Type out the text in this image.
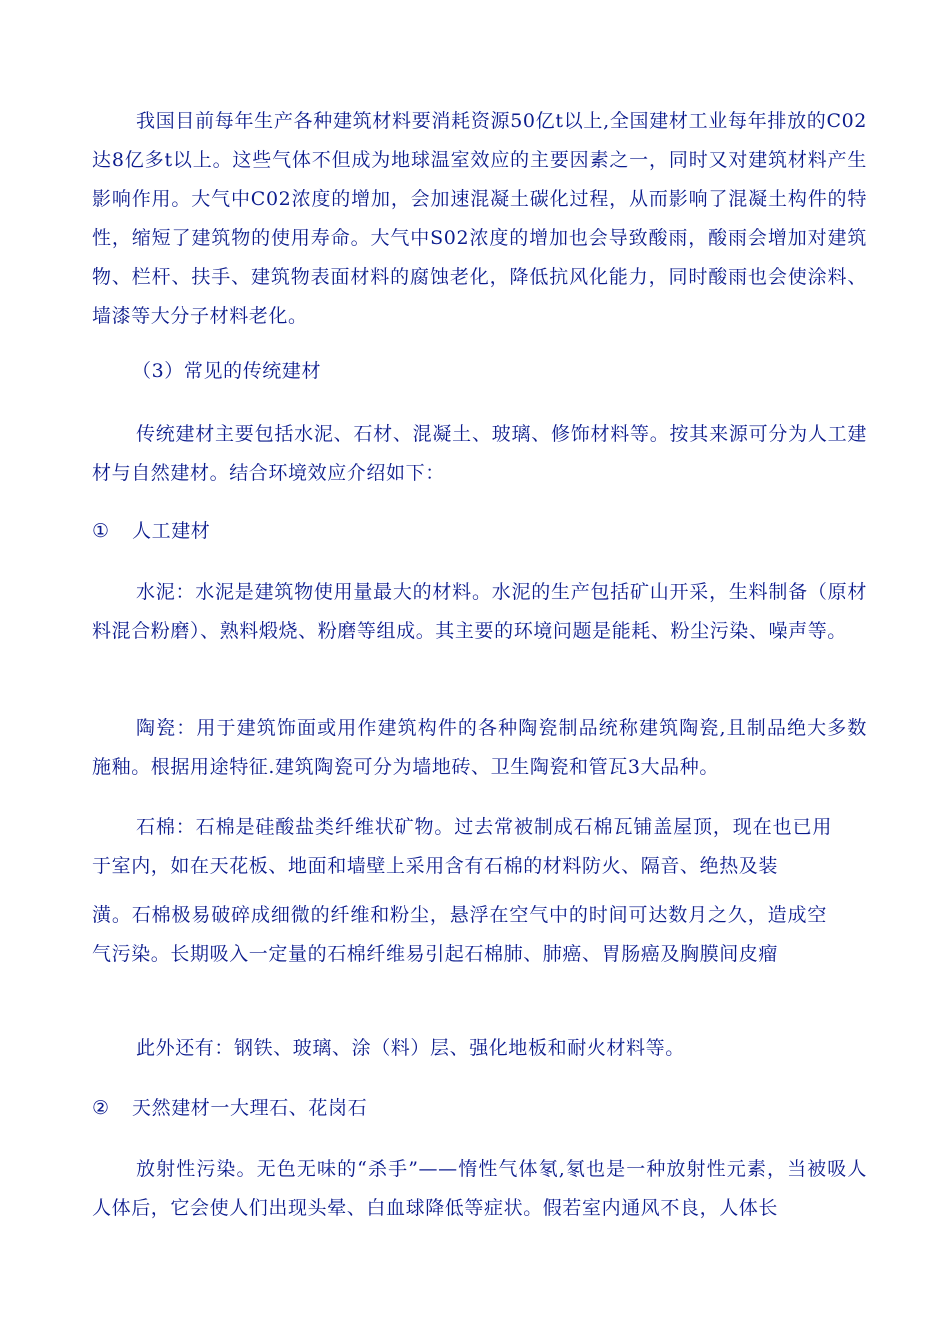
我国目前每年生产各种建筑材料要消耗资源50亿t以上,全国建材工业每年排放的C02达8亿多t以上。这些气体不但成为地球温室效应的主要因素之一，同时又对建筑材料产生影响作用。大气中C02浓度的增加，会加速混凝土碳化过程，从而影响了混凝土构件的特性，缩短了建筑物的使用寿命。大气中S02浓度的增加也会导致酸雨，酸雨会增加对建筑物、栏杆、扶手、建筑物表面材料的腐蚀老化，降低抗风化能力，同时酸雨也会使涂料、墙漆等大分子材料老化。

（3）常见的传统建材

传统建材主要包括水泥、石材、混凝土、玻璃、修饰材料等。按其来源可分为人工建材与自然建材。结合环境效应介绍如下：

① 人工建材

水泥：水泥是建筑物使用量最大的材料。水泥的生产包括矿山开采，生料制备（原材料混合粉磨）、熟料煅烧、粉磨等组成。其主要的环境问题是能耗、粉尘污染、噪声等。

陶瓷：用于建筑饰面或用作建筑构件的各种陶瓷制品统称建筑陶瓷,且制品绝大多数施釉。根据用途特征.建筑陶瓷可分为墙地砖、卫生陶瓷和管瓦3大品种。

石棉：石棉是硅酸盐类纤维状矿物。过去常被制成石棉瓦铺盖屋顶，现在也已用于室内，如在天花板、地面和墙壁上采用含有石棉的材料防火、隔音、绝热及装

潢。石棉极易破碎成细微的纤维和粉尘，悬浮在空气中的时间可达数月之久，造成空气污染。长期吸入一定量的石棉纤维易引起石棉肺、肺癌、胃肠癌及胸膜间皮瘤

此外还有：钢铁、玻璃、涂（料）层、强化地板和耐火材料等。

② 天然建材一大理石、花岗石

放射性污染。无色无味的“杀手”——惰性气体氡,氡也是一种放射性元素，当被吸人人体后，它会使人们出现头晕、白血球降低等症状。假若室内通风不良，人体长
